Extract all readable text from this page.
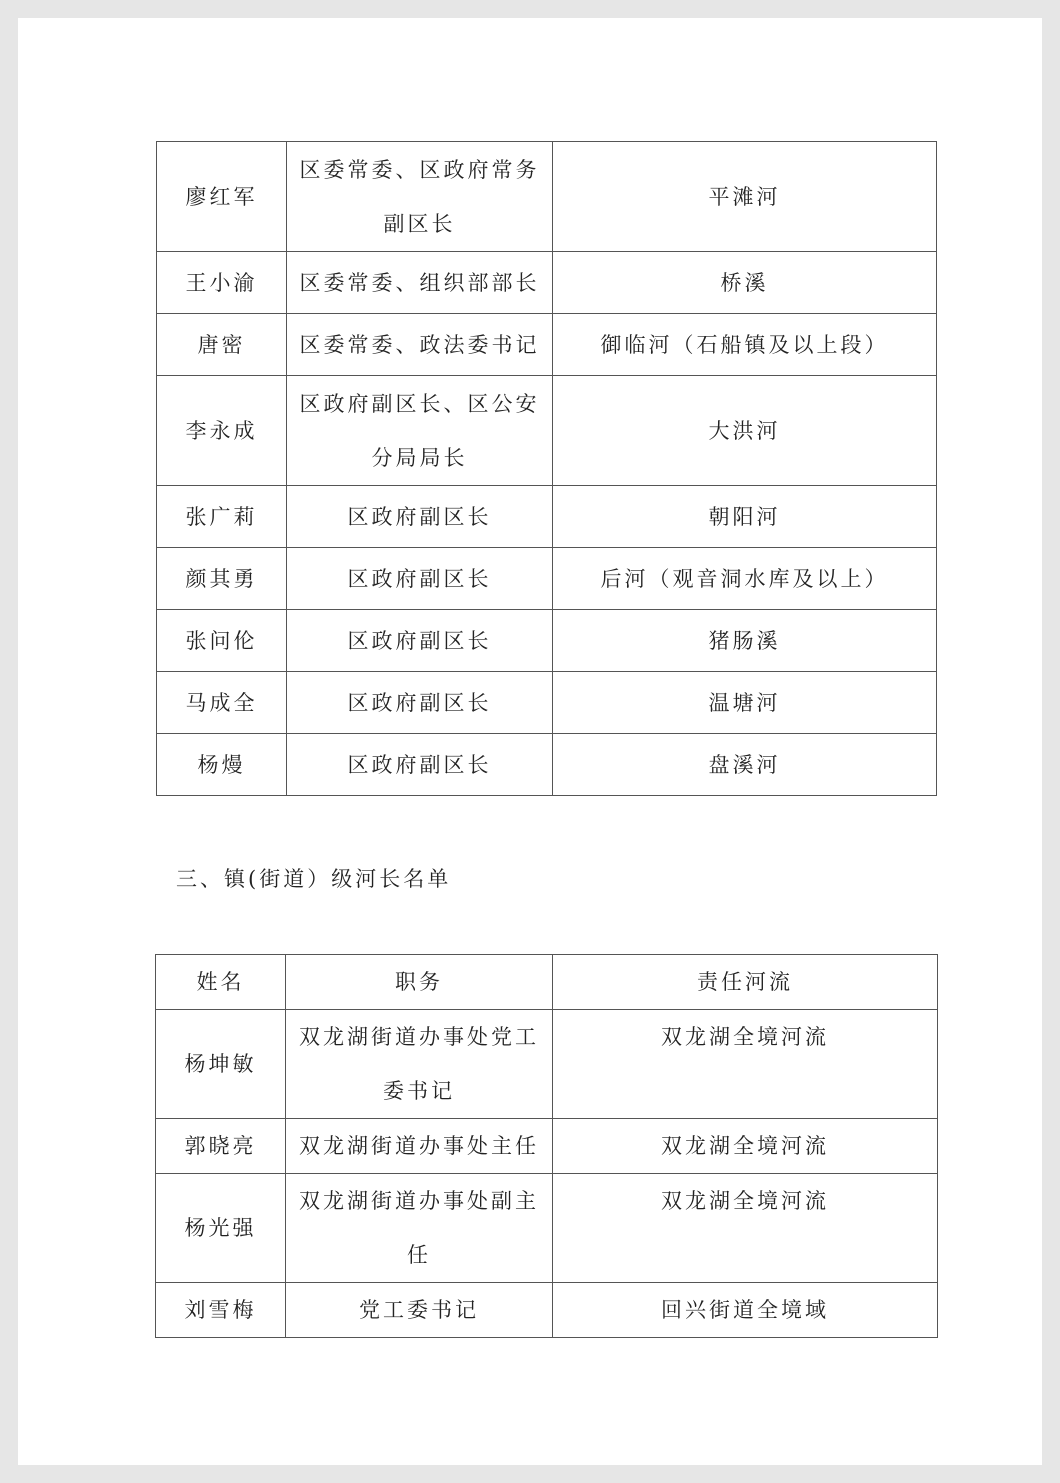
廖红军	区委常委、区政府常务副区长	平滩河
王小渝	区委常委、组织部部长	桥溪
唐密	区委常委、政法委书记	御临河（石船镇及以上段）
李永成	区政府副区长、区公安分局局长	大洪河
张广莉	区政府副区长	朝阳河
颜其勇	区政府副区长	后河（观音洞水库及以上）
张问伦	区政府副区长	猪肠溪
马成全	区政府副区长	温塘河
杨熳	区政府副区长	盘溪河

三、镇(街道）级河长名单

姓名	职务	责任河流
杨坤敏	双龙湖街道办事处党工委书记	双龙湖全境河流
郭晓亮	双龙湖街道办事处主任	双龙湖全境河流
杨光强	双龙湖街道办事处副主任	双龙湖全境河流
刘雪梅	党工委书记	回兴街道全境域
